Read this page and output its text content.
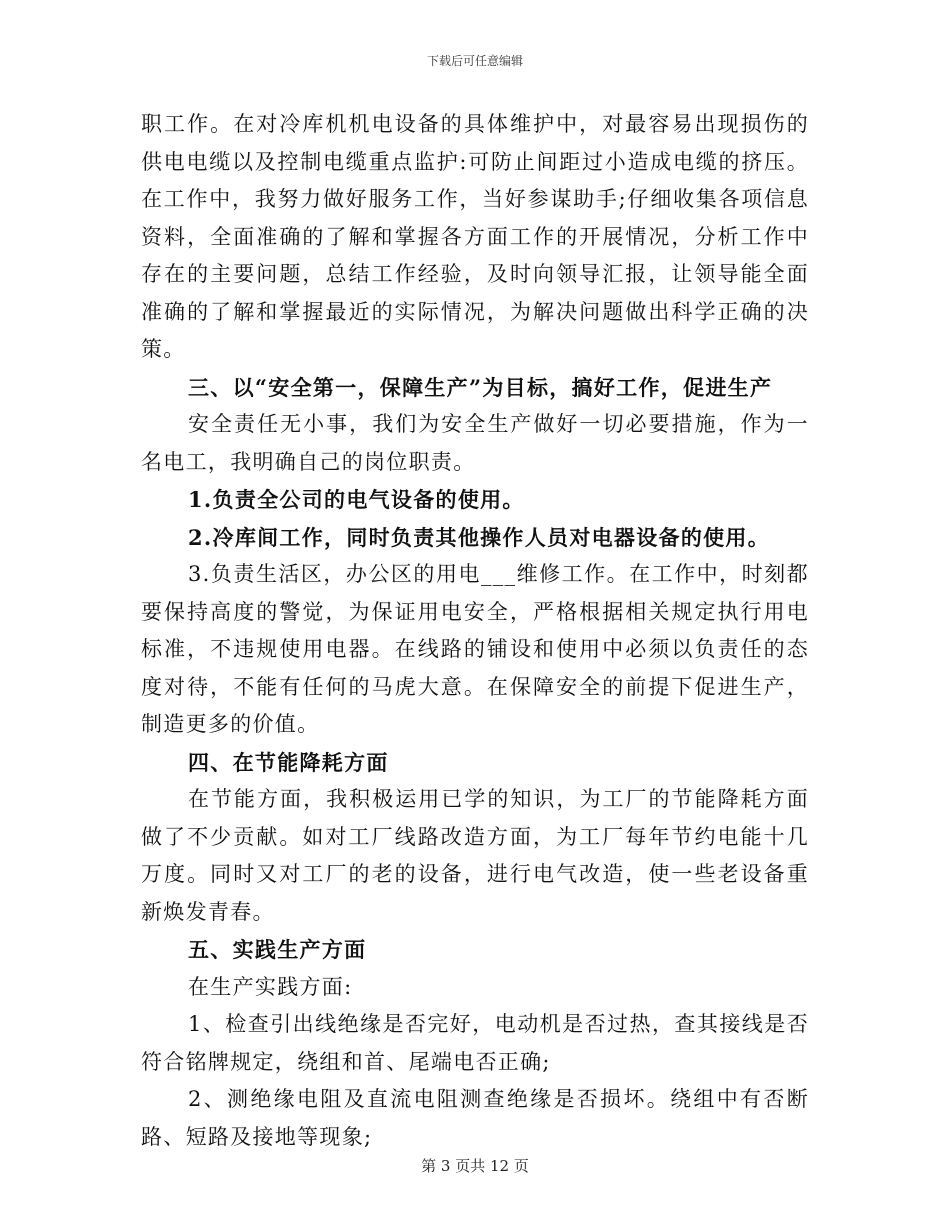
下载后可任意编辑

职工作。在对冷库机机电设备的具体维护中，对最容易出现损伤的供电电缆以及控制电缆重点监护:可防止间距过小造成电缆的挤压。在工作中，我努力做好服务工作，当好参谋助手;仔细收集各项信息资料，全面准确的了解和掌握各方面工作的开展情况，分析工作中存在的主要问题，总结工作经验，及时向领导汇报，让领导能全面准确的了解和掌握最近的实际情况，为解决问题做出科学正确的决策。

三、以“安全第一，保障生产”为目标，搞好工作，促进生产

安全责任无小事，我们为安全生产做好一切必要措施，作为一名电工，我明确自己的岗位职责。

1.负责全公司的电气设备的使用。

2.冷库间工作，同时负责其他操作人员对电器设备的使用。

3.负责生活区，办公区的用电___维修工作。在工作中，时刻都要保持高度的警觉，为保证用电安全，严格根据相关规定执行用电标准，不违规使用电器。在线路的铺设和使用中必须以负责任的态度对待，不能有任何的马虎大意。在保障安全的前提下促进生产，制造更多的价值。

四、在节能降耗方面

在节能方面，我积极运用已学的知识，为工厂的节能降耗方面做了不少贡献。如对工厂线路改造方面，为工厂每年节约电能十几万度。同时又对工厂的老的设备，进行电气改造，使一些老设备重新焕发青春。

五、实践生产方面

在生产实践方面:

1、检查引出线绝缘是否完好，电动机是否过热，查其接线是否符合铭牌规定，绕组和首、尾端电否正确;

2、测绝缘电阻及直流电阻测查绝缘是否损坏。绕组中有否断路、短路及接地等现象;

第 3 页共 12 页
